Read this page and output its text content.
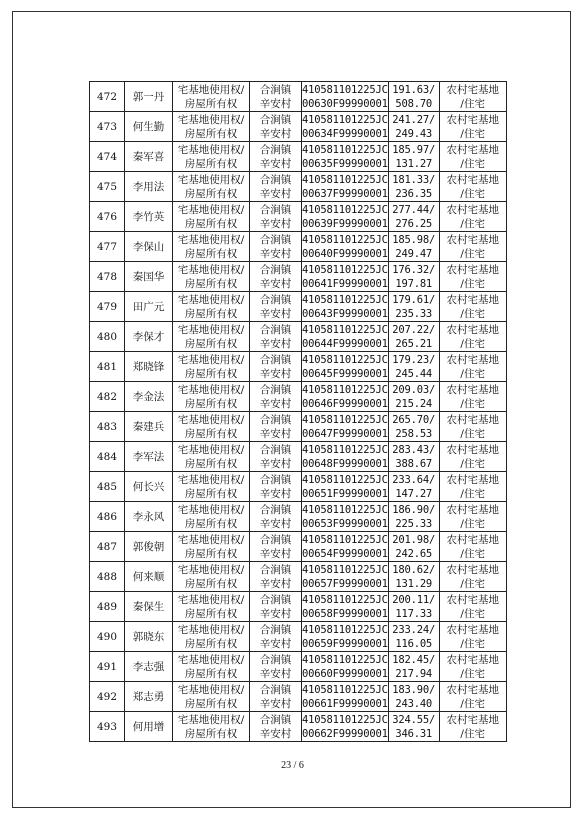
472	郭一丹	宅基地使用权/
房屋所有权	合涧镇
辛安村	410581101225JC
00630F99990001	191.63/
508.70	农村宅基地
/住宅

473	何生勤	宅基地使用权/
房屋所有权	合涧镇
辛安村	410581101225JC
00634F99990001	241.27/
249.43	农村宅基地
/住宅

474	秦军喜	宅基地使用权/
房屋所有权	合涧镇
辛安村	410581101225JC
00635F99990001	185.97/
131.27	农村宅基地
/住宅

475	李用法	宅基地使用权/
房屋所有权	合涧镇
辛安村	410581101225JC
00637F99990001	181.33/
236.35	农村宅基地
/住宅

476	李竹英	宅基地使用权/
房屋所有权	合涧镇
辛安村	410581101225JC
00639F99990001	277.44/
276.25	农村宅基地
/住宅

477	李保山	宅基地使用权/
房屋所有权	合涧镇
辛安村	410581101225JC
00640F99990001	185.98/
249.47	农村宅基地
/住宅

478	秦国华	宅基地使用权/
房屋所有权	合涧镇
辛安村	410581101225JC
00641F99990001	176.32/
197.81	农村宅基地
/住宅

479	田广元	宅基地使用权/
房屋所有权	合涧镇
辛安村	410581101225JC
00643F99990001	179.61/
235.33	农村宅基地
/住宅

480	李保才	宅基地使用权/
房屋所有权	合涧镇
辛安村	410581101225JC
00644F99990001	207.22/
265.21	农村宅基地
/住宅

481	郑晓锋	宅基地使用权/
房屋所有权	合涧镇
辛安村	410581101225JC
00645F99990001	179.23/
245.44	农村宅基地
/住宅

482	李金法	宅基地使用权/
房屋所有权	合涧镇
辛安村	410581101225JC
00646F99990001	209.03/
215.24	农村宅基地
/住宅

483	秦建兵	宅基地使用权/
房屋所有权	合涧镇
辛安村	410581101225JC
00647F99990001	265.70/
258.53	农村宅基地
/住宅

484	李军法	宅基地使用权/
房屋所有权	合涧镇
辛安村	410581101225JC
00648F99990001	283.43/
388.67	农村宅基地
/住宅

485	何长兴	宅基地使用权/
房屋所有权	合涧镇
辛安村	410581101225JC
00651F99990001	233.64/
147.27	农村宅基地
/住宅

486	李永风	宅基地使用权/
房屋所有权	合涧镇
辛安村	410581101225JC
00653F99990001	186.90/
225.33	农村宅基地
/住宅

487	郭俊朝	宅基地使用权/
房屋所有权	合涧镇
辛安村	410581101225JC
00654F99990001	201.98/
242.65	农村宅基地
/住宅

488	何来顺	宅基地使用权/
房屋所有权	合涧镇
辛安村	410581101225JC
00657F99990001	180.62/
131.29	农村宅基地
/住宅

489	秦保生	宅基地使用权/
房屋所有权	合涧镇
辛安村	410581101225JC
00658F99990001	200.11/
117.33	农村宅基地
/住宅

490	郭晓东	宅基地使用权/
房屋所有权	合涧镇
辛安村	410581101225JC
00659F99990001	233.24/
116.05	农村宅基地
/住宅

491	李志强	宅基地使用权/
房屋所有权	合涧镇
辛安村	410581101225JC
00660F99990001	182.45/
217.94	农村宅基地
/住宅

492	郑志勇	宅基地使用权/
房屋所有权	合涧镇
辛安村	410581101225JC
00661F99990001	183.90/
243.40	农村宅基地
/住宅

493	何用增	宅基地使用权/
房屋所有权	合涧镇
辛安村	410581101225JC
00662F99990001	324.55/
346.31	农村宅基地
/住宅
23 / 6
